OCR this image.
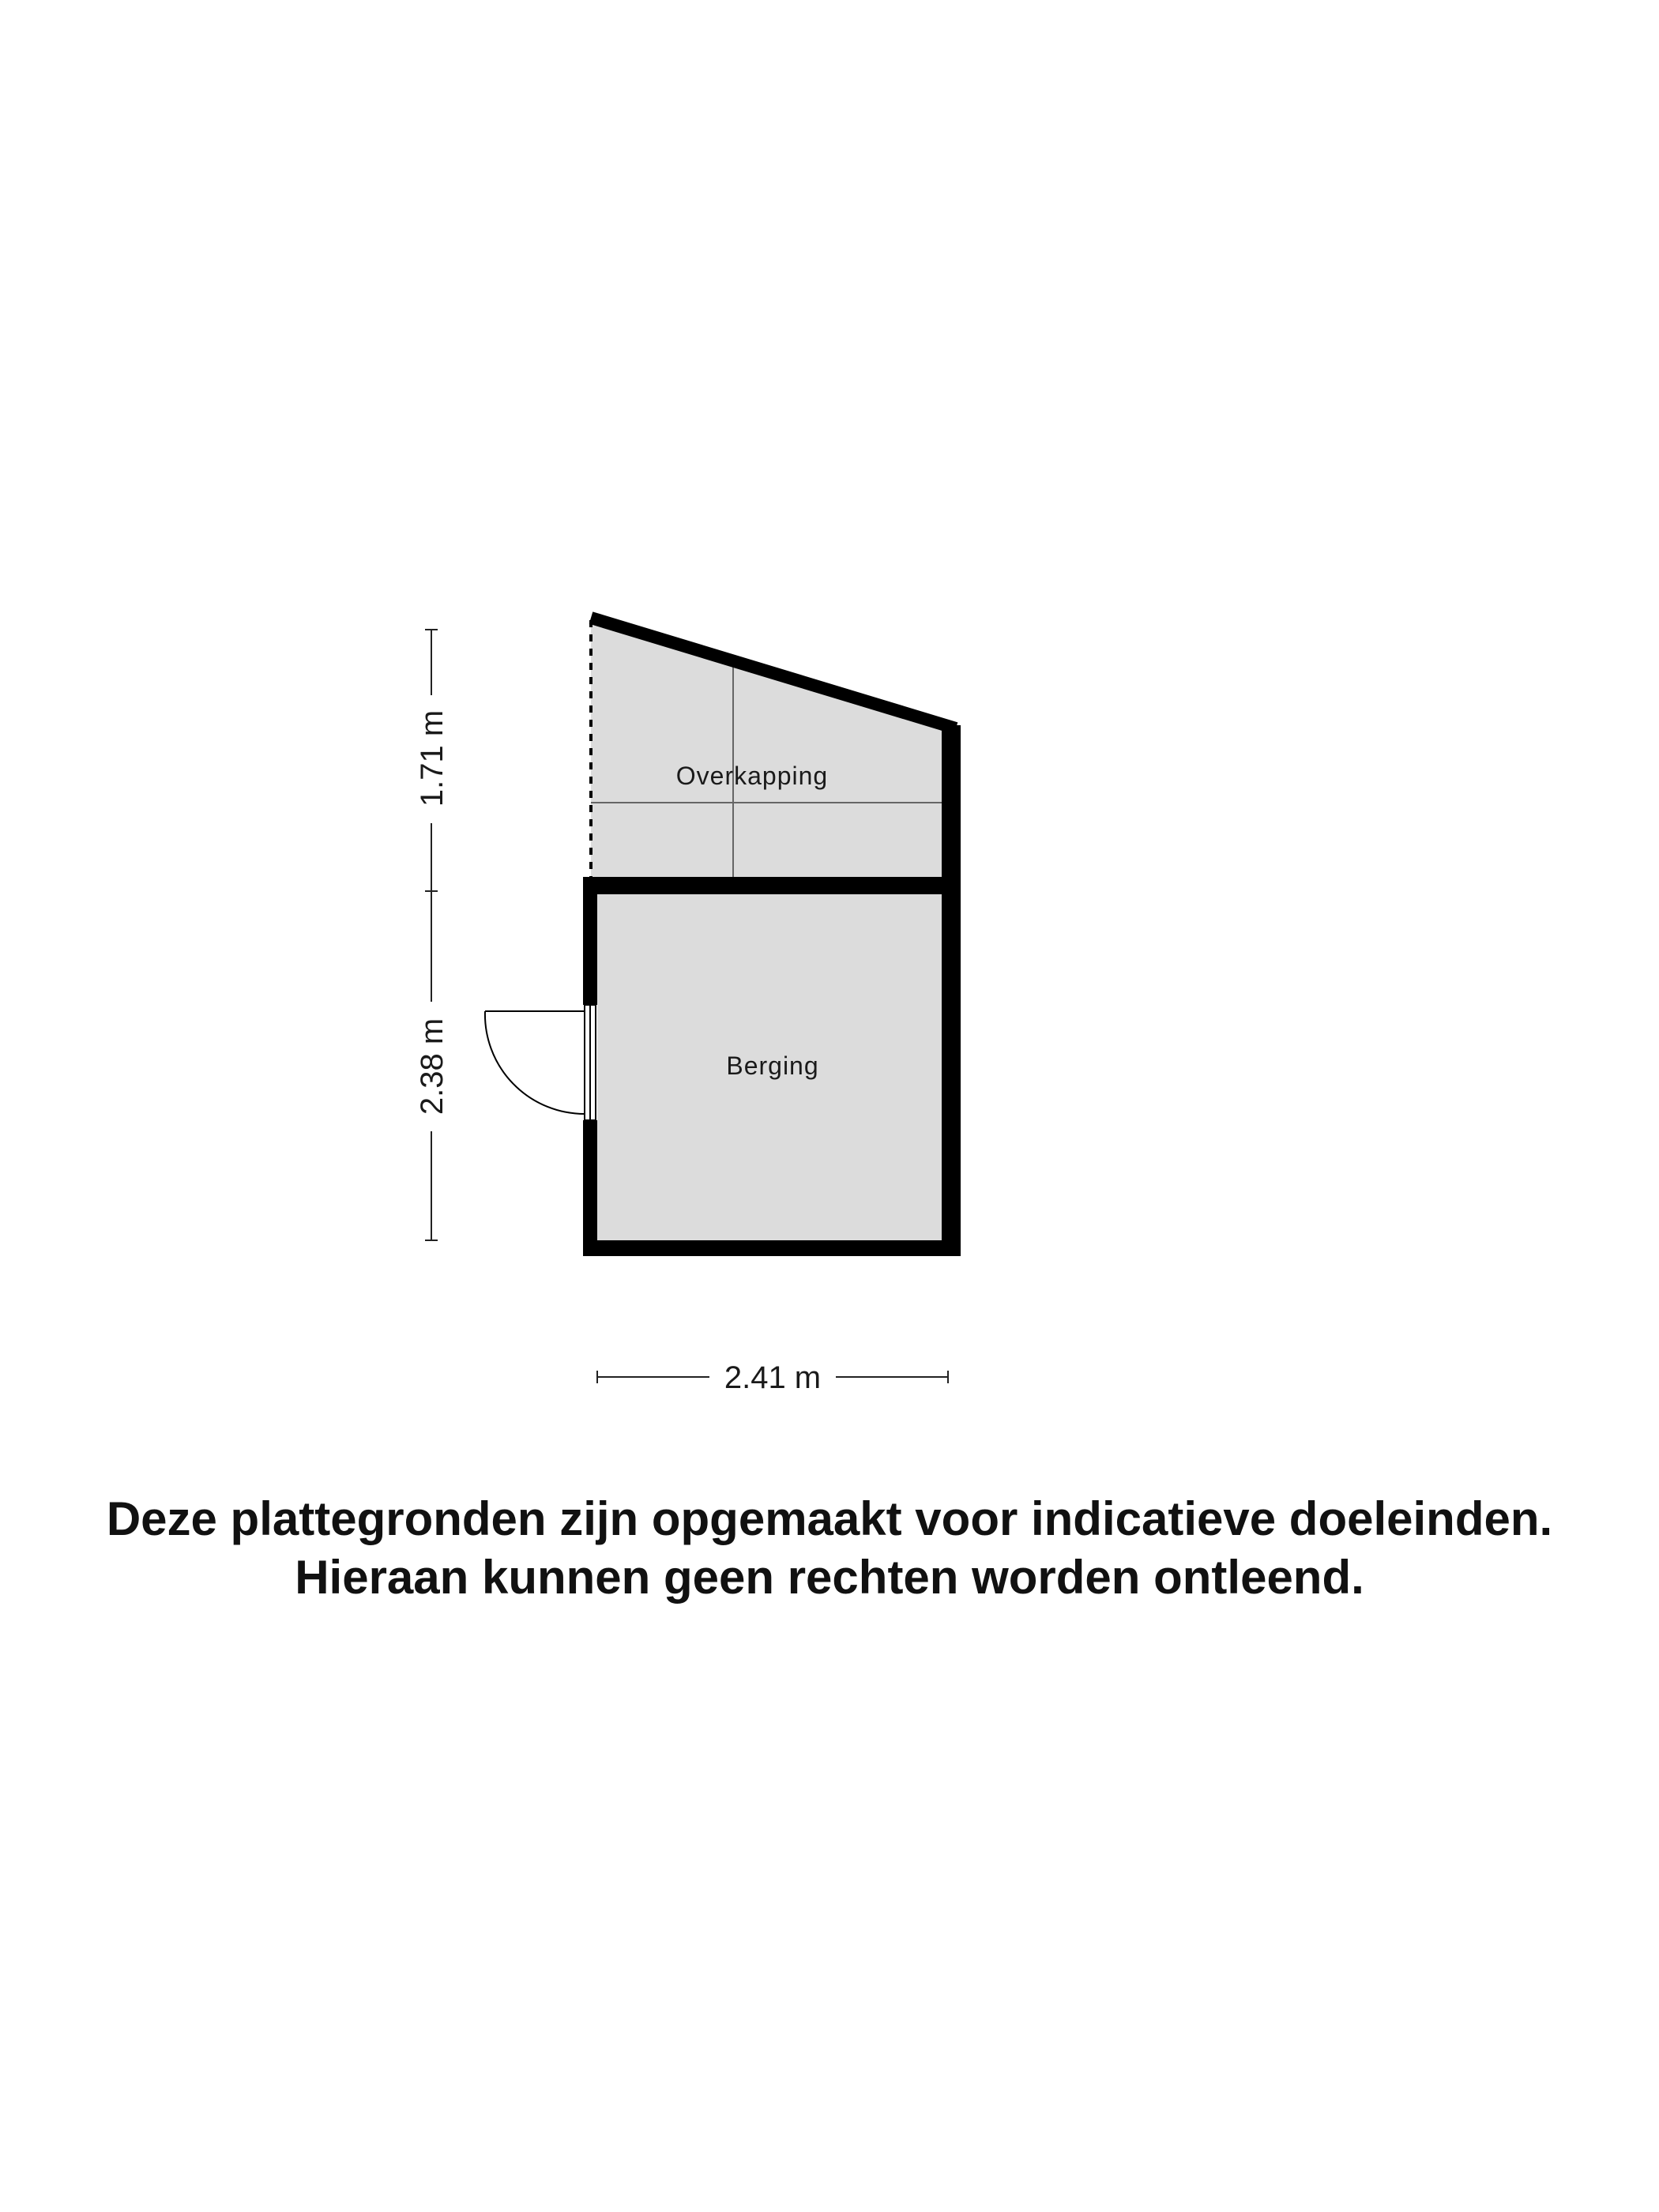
Overkapping
Berging
1.71 m
2.38 m
2.41 m

Deze plattegronden zijn opgemaakt voor indicatieve doeleinden.

Hieraan kunnen geen rechten worden ontleend.
